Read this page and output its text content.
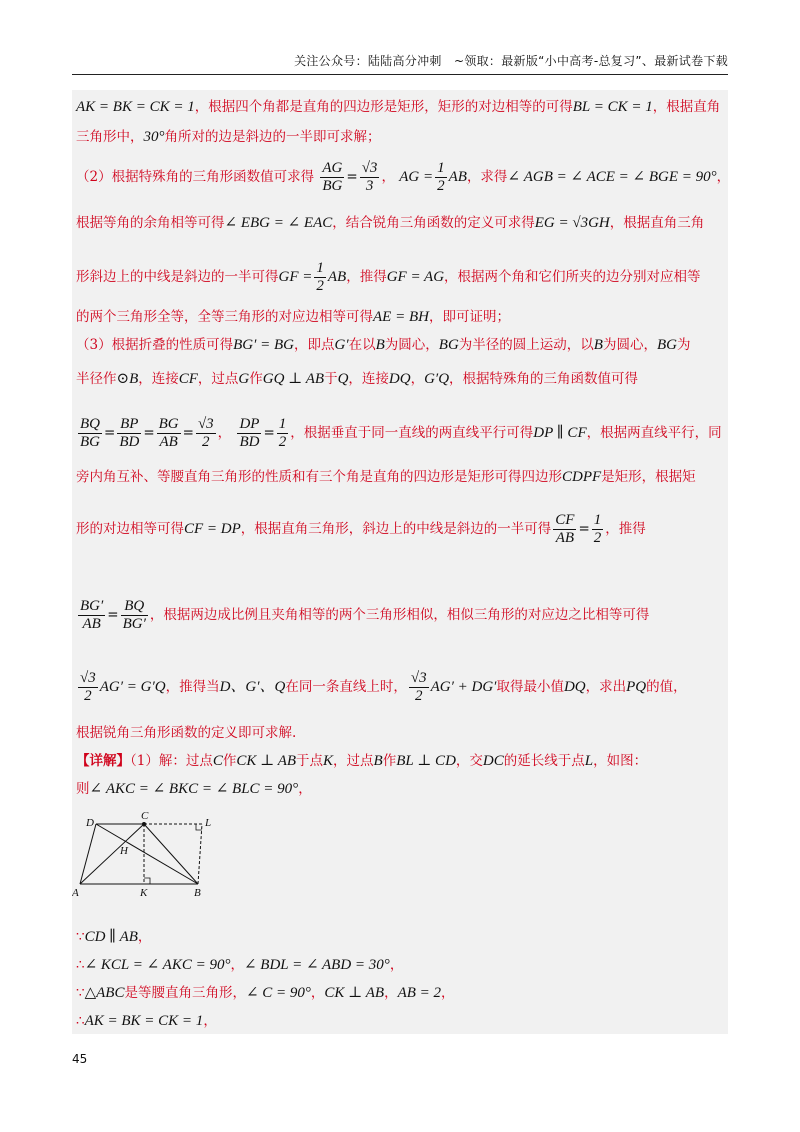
关注公众号：陆陆高分冲刺　~领取：最新版“小中高考-总复习”、最新试卷下载
AK = BK = CK = 1，根据四个角都是直角的四边形是矩形，矩形的对边相等的可得BL = CK = 1，根据直角
三角形中，30°角所对的边是斜边的一半即可求解；
（2）根据特殊角的三角形函数值可求得 $\frac{AG}{BG} = \frac{√3}{3}$ ， AG = $\frac{1}{2}$ AB，求得∠ AGB = ∠ ACE = ∠ BGE = 90°，
根据等角的余角相等可得∠ EBG = ∠ EAC，结合锐角三角函数的定义可求得EG = √3GH，根据直角三角
形斜边上的中线是斜边的一半可得GF = $\frac{1}{2}$ AB，推得GF = AG，根据两个角和它们所夹的边分别对应相等
的两个三角形全等，全等三角形的对应边相等可得AE = BH，即可证明；
（3）根据折叠的性质可得BG′ = BG，即点G′在以B为圆心，BG为半径的圆上运动，以B为圆心，BG为
半径作⊙B，连接CF，过点G作GQ ⊥ AB于Q，连接DQ，G′Q，根据特殊角的三角函数值可得
$\frac{BQ}{BG} = \frac{BP}{BD} = \frac{BG}{AB} = \frac{√3}{2}$ ， $\frac{DP}{BD} = \frac{1}{2}$ ，根据垂直于同一直线的两直线平行可得DP ∥ CF，根据两直线平行，同
旁内角互补、等腰直角三角形的性质和有三个角是直角的四边形是矩形可得四边形CDPF是矩形，根据矩
形的对边相等可得CF = DP，根据直角三角形，斜边上的中线是斜边的一半可得 $\frac{CF}{AB} = \frac{1}{2}$ ，推得
$\frac{BG'}{AB} = \frac{BQ}{BG'}$ ，根据两边成比例且夹角相等的两个三角形相似，相似三角形的对应边之比相等可得
$\frac{√3}{2} AG' = G'Q$，推得当D、G′、Q在同一条直线上时， $\frac{√3}{2} AG' + DG'$取得最小值DQ，求出PQ的值，
根据锐角三角形函数的定义即可求解.
【详解】（1）解：过点C作CK ⊥ AB于点K，过点B作BL ⊥ CD，交DC的延长线于点L，如图：
则∠ AKC = ∠ BKC = ∠ BLC = 90°，
D
C
L
H
A	K	B
∵CD ∥ AB，
∴∠ KCL = ∠ AKC = 90°，∠ BDL = ∠ ABD = 30°，
∵△ABC是等腰直角三角形，∠ C = 90°，CK ⊥ AB，AB = 2，
∴AK = BK = CK = 1，
45
